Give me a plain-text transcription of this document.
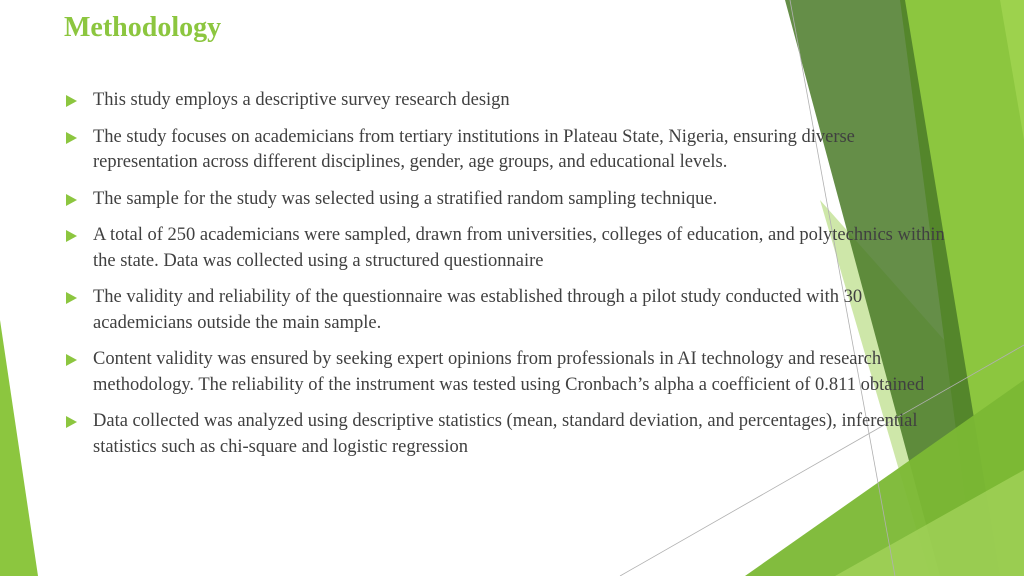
Methodology
This study employs a descriptive survey research design
The study focuses on academicians from tertiary institutions in Plateau State, Nigeria, ensuring diverse representation across different disciplines, gender, age groups, and educational levels.
The sample for the study was selected using a stratified random sampling technique.
A total of 250 academicians were sampled, drawn from universities, colleges of education, and polytechnics within the state. Data was collected using a structured questionnaire
The validity and reliability of the questionnaire was established through a pilot study conducted with 30 academicians outside the main sample.
Content validity was ensured by seeking expert opinions from professionals in AI technology and research methodology. The reliability of the instrument was tested using Cronbach’s alpha a coefficient of 0.811 obtained
Data collected was analyzed using descriptive statistics (mean, standard deviation, and percentages), inferential statistics such as chi-square and logistic regression
